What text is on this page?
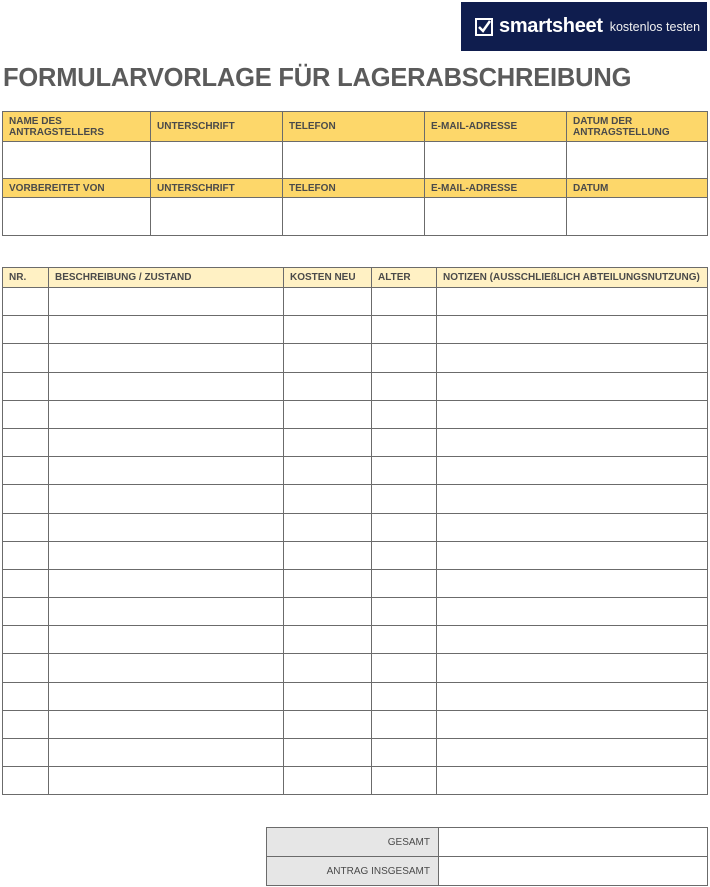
smartsheet kostenlos testen
FORMULARVORLAGE FÜR LAGERABSCHREIBUNG
NAME DES ANTRAGSTELLERS	UNTERSCHRIFT	TELEFON	E-MAIL-ADRESSE	DATUM DER ANTRAGSTELLUNG

VORBEREITET VON	UNTERSCHRIFT	TELEFON	E-MAIL-ADRESSE	DATUM

NR.	BESCHREIBUNG / ZUSTAND	KOSTEN NEU	ALTER	NOTIZEN (AUSSCHLIEßLICH ABTEILUNGSNUTZUNG)

GESAMT	
ANTRAG INSGESAMT	
